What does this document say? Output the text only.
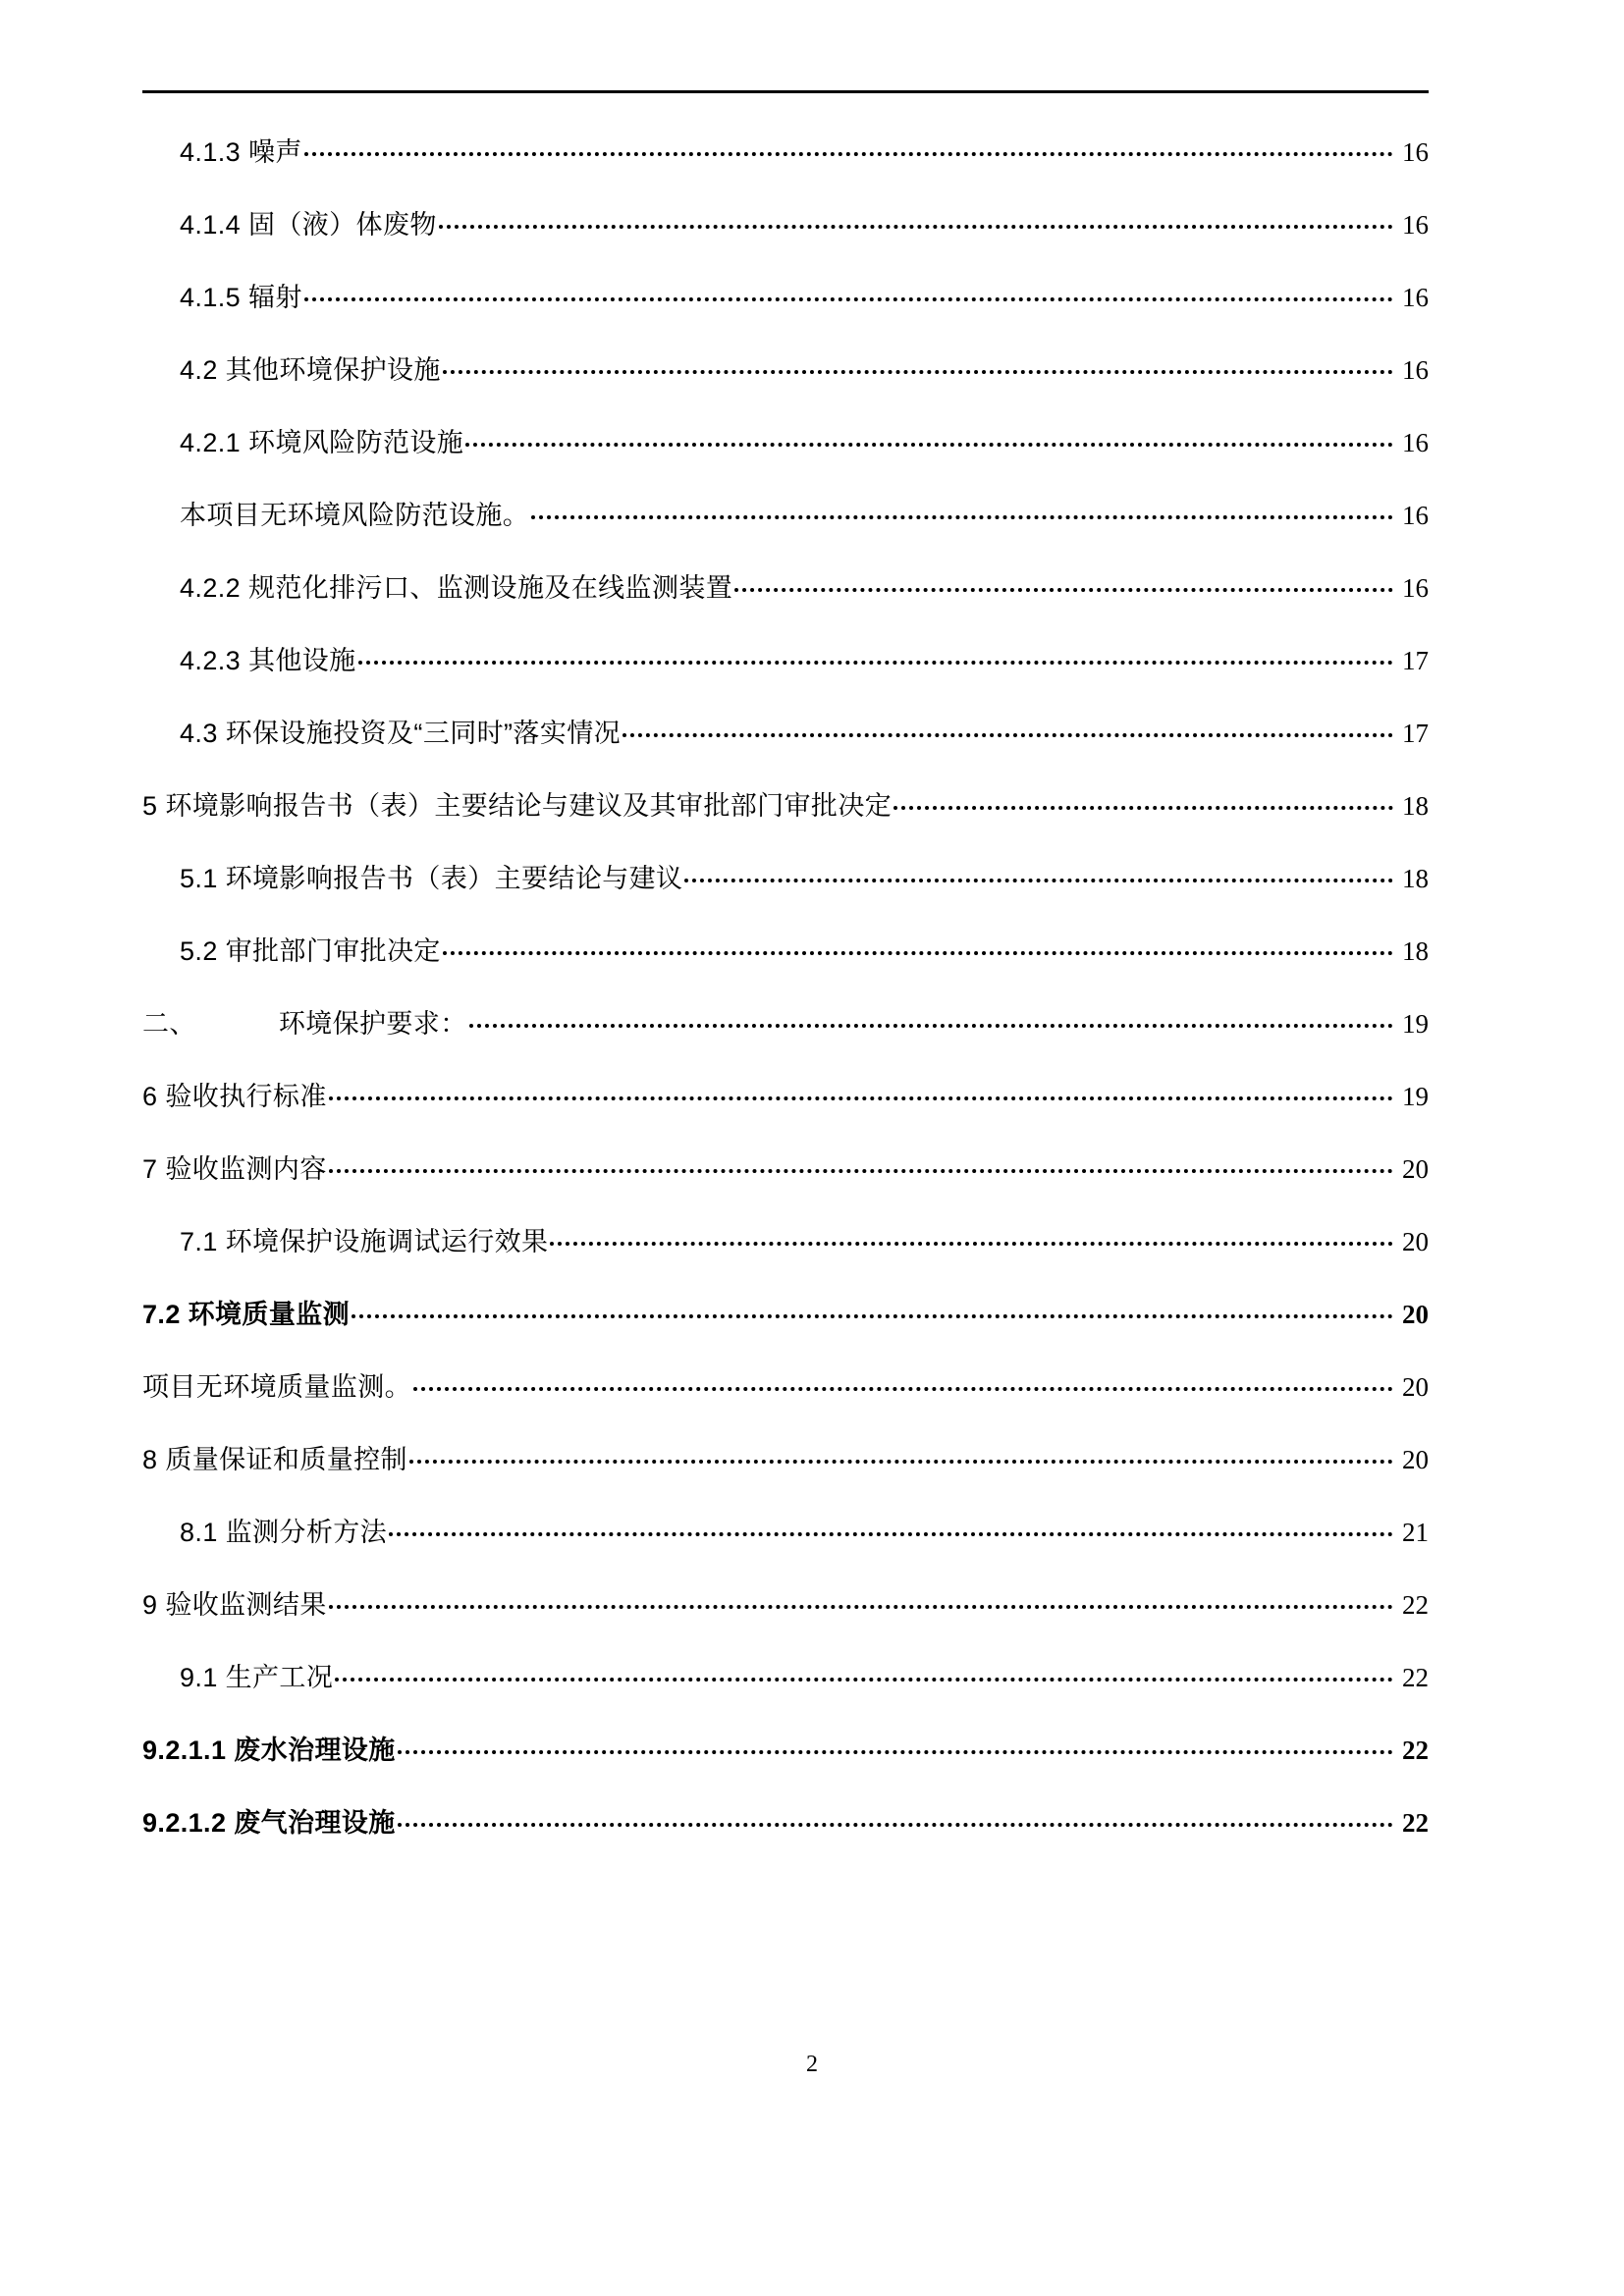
4.1.3 噪声	16
4.1.4 固（液）体废物	16
4.1.5 辐射	16
4.2 其他环境保护设施	16
4.2.1 环境风险防范设施	16
本项目无环境风险防范设施。	16
4.2.2 规范化排污口、监测设施及在线监测装置	16
4.2.3 其他设施	17
4.3 环保设施投资及“三同时”落实情况	17
5 环境影响报告书（表）主要结论与建议及其审批部门审批决定	18
5.1 环境影响报告书（表）主要结论与建议	18
5.2 审批部门审批决定	18
二、	环境保护要求：	19
6 验收执行标准	19
7 验收监测内容	20
7.1 环境保护设施调试运行效果	20
7.2 环境质量监测	20
项目无环境质量监测。	20
8 质量保证和质量控制	20
8.1 监测分析方法	21
9 验收监测结果	22
9.1 生产工况	22
9.2.1.1 废水治理设施	22
9.2.1.2 废气治理设施	22
2
